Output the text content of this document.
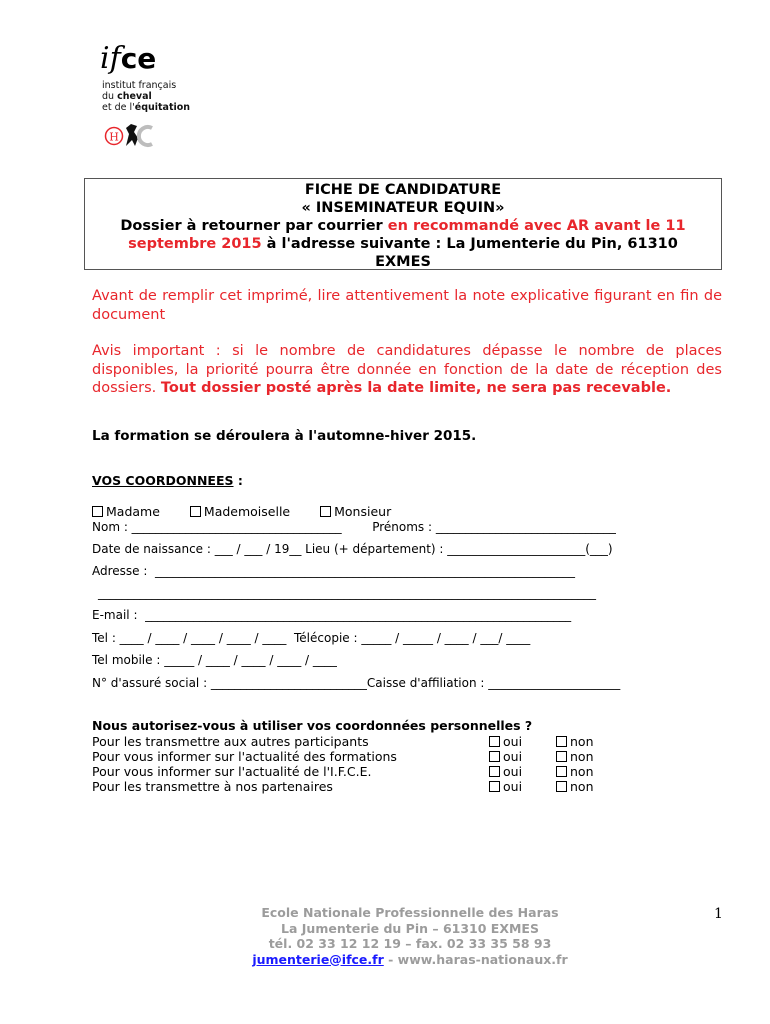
ifce
institut français
du cheval
et de l'équitation
H
FICHE DE CANDIDATURE
« INSEMINATEUR EQUIN»
Dossier à retourner par courrier en recommandé avec AR avant le 11
septembre 2015 à l'adresse suivante : La Jumenterie du Pin, 61310
EXMES
Avant de remplir cet imprimé, lire attentivement la note explicative figurant en fin de document
Avis important : si le nombre de candidatures dépasse le nombre de places disponibles, la priorité pourra être donnée en fonction de la date de réception des dossiers. Tout dossier posté après la date limite, ne sera pas recevable.
La formation se déroulera à l'automne-hiver 2015.
VOS COORDONNEES :
Madame	Mademoiselle	Monsieur
Nom : ___________________________________        Prénoms : ______________________________
Date de naissance : ___ / ___ / 19__ Lieu (+ département) : _______________________(___)
Adresse :  ______________________________________________________________________
___________________________________________________________________________________
E-mail :  _______________________________________________________________________
Tel : ____ / ____ / ____ / ____ / ____  Télécopie : _____ / _____ / ____ / ___/ ____
Tel mobile : _____ / ____ / ____ / ____ / ____
N° d'assuré social : __________________________Caisse d'affiliation : ______________________
Nous autorisez-vous à utiliser vos coordonnées personnelles ?
Pour les transmettre aux autres participants	oui	non
Pour vous informer sur l'actualité des formations	oui	non
Pour vous informer sur l'actualité de l'I.F.C.E.	oui	non
Pour les transmettre à nos partenaires	oui	non
Ecole Nationale Professionnelle des Haras
La Jumenterie du Pin – 61310 EXMES
tél. 02 33 12 12 19 – fax. 02 33 35 58 93
jumenterie@ifce.fr - www.haras-nationaux.fr
1
